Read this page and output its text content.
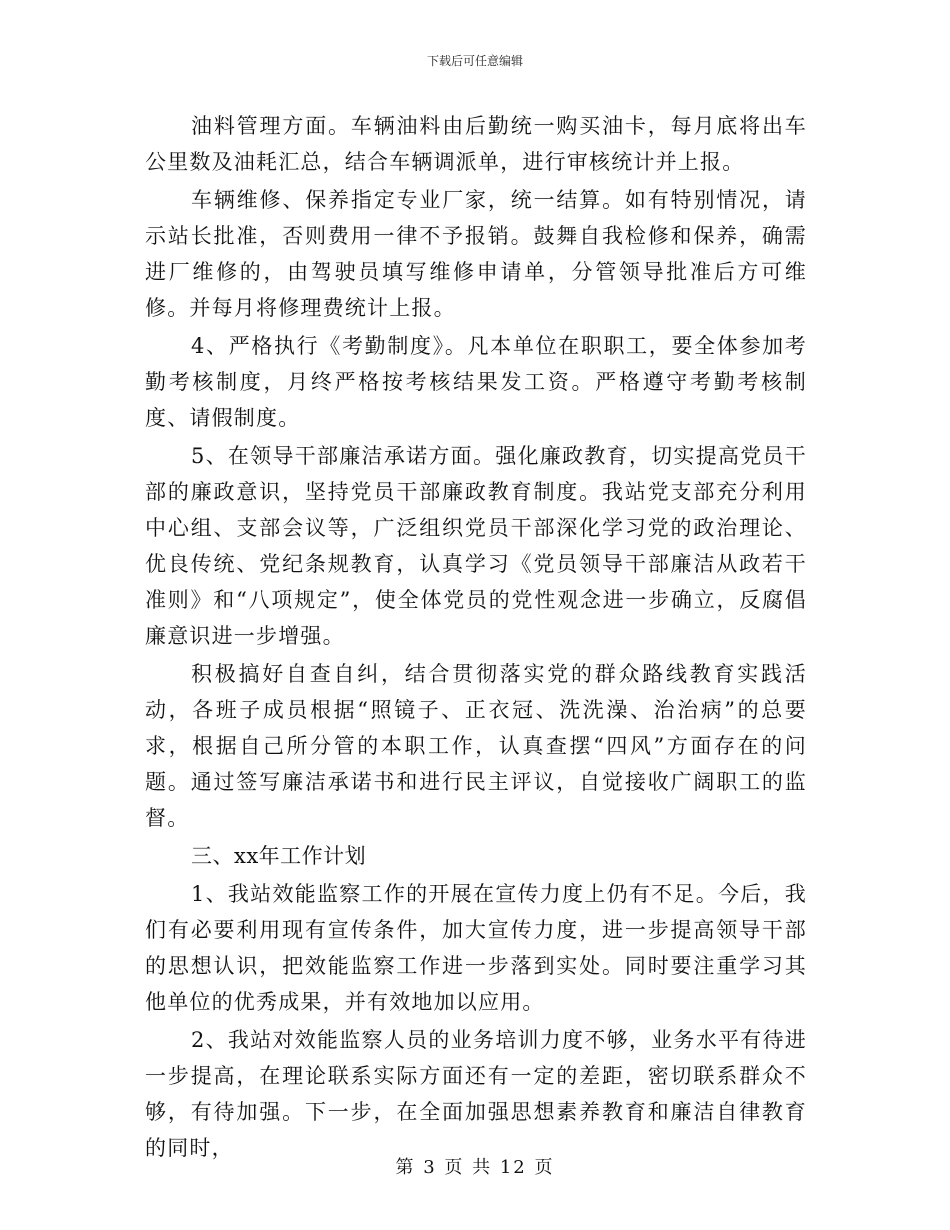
下载后可任意编辑

油料管理方面。车辆油料由后勤统一购买油卡，每月底将出车公里数及油耗汇总，结合车辆调派单，进行审核统计并上报。

车辆维修、保养指定专业厂家，统一结算。如有特别情况，请示站长批准，否则费用一律不予报销。鼓舞自我检修和保养，确需进厂维修的，由驾驶员填写维修申请单，分管领导批准后方可维修。并每月将修理费统计上报。

4、严格执行《考勤制度》。凡本单位在职职工，要全体参加考勤考核制度，月终严格按考核结果发工资。严格遵守考勤考核制度、请假制度。

5、在领导干部廉洁承诺方面。强化廉政教育，切实提高党员干部的廉政意识，坚持党员干部廉政教育制度。我站党支部充分利用中心组、支部会议等，广泛组织党员干部深化学习党的政治理论、优良传统、党纪条规教育，认真学习《党员领导干部廉洁从政若干准则》和“八项规定”，使全体党员的党性观念进一步确立，反腐倡廉意识进一步增强。

积极搞好自查自纠，结合贯彻落实党的群众路线教育实践活动，各班子成员根据“照镜子、正衣冠、洗洗澡、治治病”的总要求，根据自己所分管的本职工作，认真查摆“四风”方面存在的问题。通过签写廉洁承诺书和进行民主评议，自觉接收广阔职工的监督。

三、xx年工作计划

1、我站效能监察工作的开展在宣传力度上仍有不足。今后，我们有必要利用现有宣传条件，加大宣传力度，进一步提高领导干部的思想认识，把效能监察工作进一步落到实处。同时要注重学习其他单位的优秀成果，并有效地加以应用。

2、我站对效能监察人员的业务培训力度不够，业务水平有待进一步提高，在理论联系实际方面还有一定的差距，密切联系群众不够，有待加强。下一步，在全面加强思想素养教育和廉洁自律教育的同时，

第 3 页 共 12 页
